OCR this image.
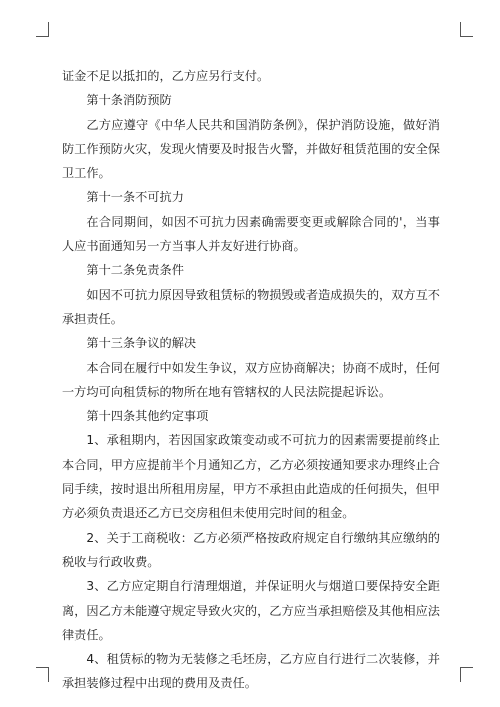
证金不足以抵扣的，乙方应另行支付。

第十条消防预防

乙方应遵守《中华人民共和国消防条例》，保护消防设施，做好消防工作预防火灾，发现火情要及时报告火警，并做好租赁范围的安全保卫工作。

第十一条不可抗力

在合同期间，如因不可抗力因素确需要变更或解除合同的'，当事人应书面通知另一方当事人并友好进行协商。

第十二条免责条件

如因不可抗力原因导致租赁标的物损毁或者造成损失的，双方互不承担责任。

第十三条争议的解决

本合同在履行中如发生争议，双方应协商解决；协商不成时，任何一方均可向租赁标的物所在地有管辖权的人民法院提起诉讼。

第十四条其他约定事项

1、承租期内，若因国家政策变动或不可抗力的因素需要提前终止本合同，甲方应提前半个月通知乙方，乙方必须按通知要求办理终止合同手续，按时退出所租用房屋，甲方不承担由此造成的任何损失，但甲方必须负责退还乙方已交房租但未使用完时间的租金。

2、关于工商税收：乙方必须严格按政府规定自行缴纳其应缴纳的税收与行政收费。

3、乙方应定期自行清理烟道，并保证明火与烟道口要保持安全距离，因乙方未能遵守规定导致火灾的，乙方应当承担赔偿及其他相应法律责任。

4、租赁标的物为无装修之毛坯房，乙方应自行进行二次装修，并承担装修过程中出现的费用及责任。
